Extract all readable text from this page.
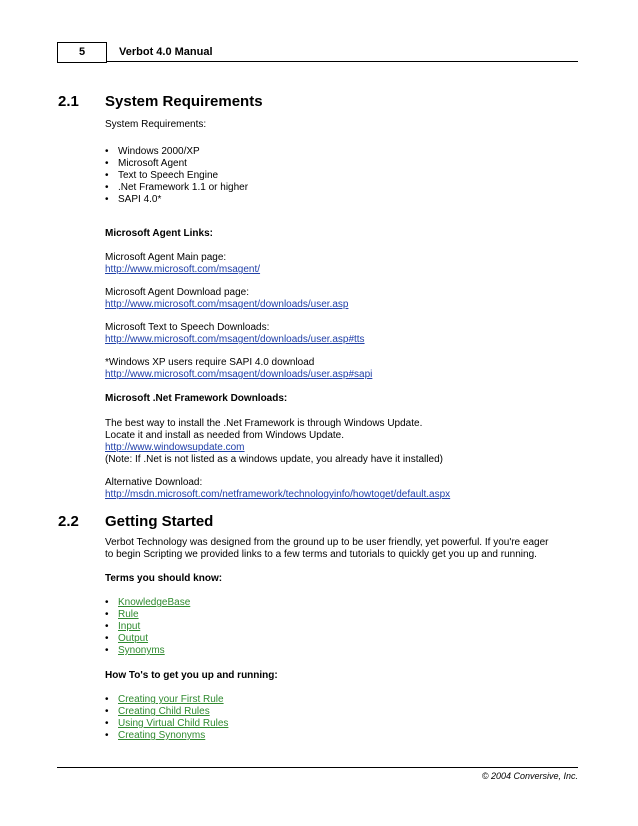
5	Verbot 4.0 Manual
2.1 System Requirements

System Requirements:

• Windows 2000/XP
• Microsoft Agent
• Text to Speech Engine
• .Net Framework 1.1 or higher
• SAPI 4.0*

Microsoft Agent Links:

Microsoft Agent Main page:

http://www.microsoft.com/msagent/

Microsoft Agent Download page:

http://www.microsoft.com/msagent/downloads/user.asp

Microsoft Text to Speech Downloads:

http://www.microsoft.com/msagent/downloads/user.asp#tts

*Windows XP users require SAPI 4.0 download

http://www.microsoft.com/msagent/downloads/user.asp#sapi

Microsoft .Net Framework Downloads:

The best way to install the .Net Framework is through Windows Update.

Locate it and install as needed from Windows Update.

http://www.windowsupdate.com

(Note: If .Net is not listed as a windows update, you already have it installed)

Alternative Download:

http://msdn.microsoft.com/netframework/technologyinfo/howtoget/default.aspx

2.2 Getting Started

Verbot Technology was designed from the ground up to be user friendly, yet powerful. If you're eager

to begin Scripting we provided links to a few terms and tutorials to quickly get you up and running.

Terms you should know:

• KnowledgeBase
• Rule
• Input
• Output
• Synonyms

How To's to get you up and running:

• Creating your First Rule
• Creating Child Rules
• Using Virtual Child Rules
• Creating Synonyms
© 2004 Conversive, Inc.
